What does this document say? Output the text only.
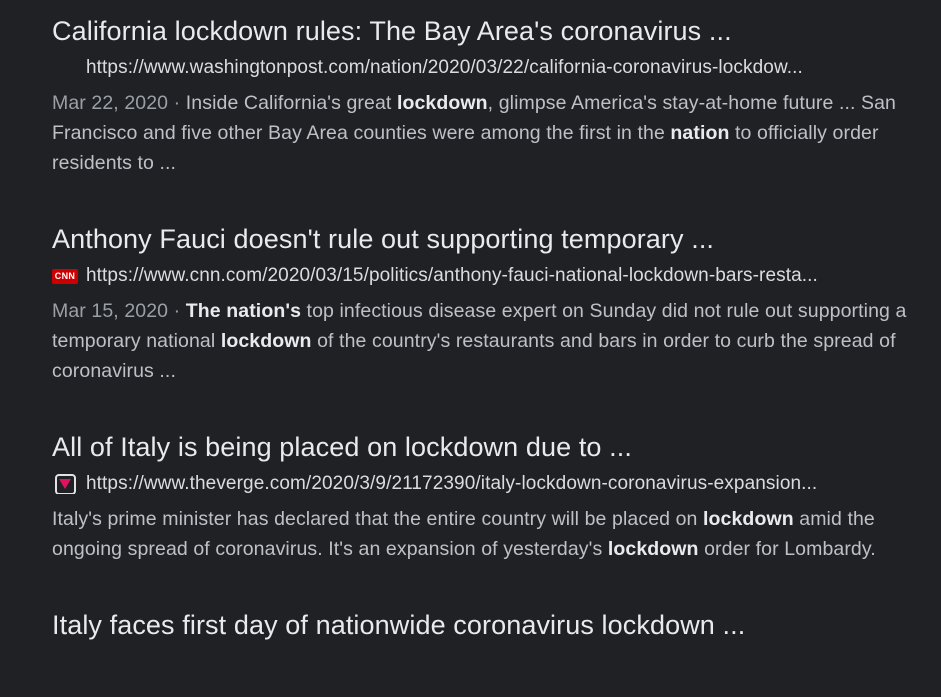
California lockdown rules: The Bay Area's coronavirus ...
https://www.washingtonpost.com/nation/2020/03/22/california-coronavirus-lockdow...
Mar 22, 2020 · Inside California's great lockdown, glimpse America's stay-at-home future ... San Francisco and five other Bay Area counties were among the first in the nation to officially order residents to ...
Anthony Fauci doesn't rule out supporting temporary ...
CNN https://www.cnn.com/2020/03/15/politics/anthony-fauci-national-lockdown-bars-resta...
Mar 15, 2020 · The nation's top infectious disease expert on Sunday did not rule out supporting a temporary national lockdown of the country's restaurants and bars in order to curb the spread of coronavirus ...
All of Italy is being placed on lockdown due to ...
https://www.theverge.com/2020/3/9/21172390/italy-lockdown-coronavirus-expansion...
Italy's prime minister has declared that the entire country will be placed on lockdown amid the ongoing spread of coronavirus. It's an expansion of yesterday's lockdown order for Lombardy.
Italy faces first day of nationwide coronavirus lockdown ...
